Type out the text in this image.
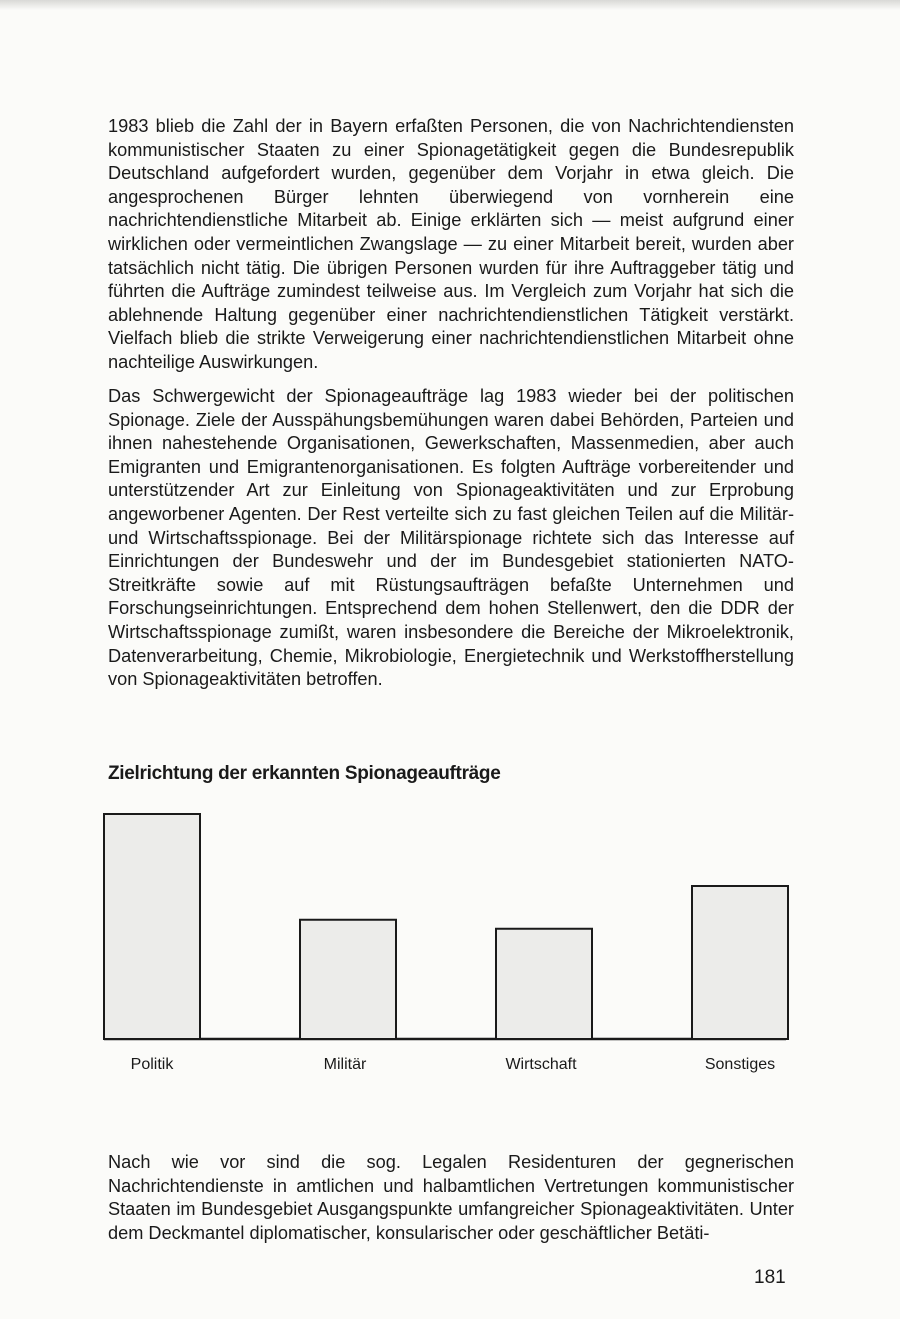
1983 blieb die Zahl der in Bayern erfaßten Personen, die von Nachrichtendiensten kommunistischer Staaten zu einer Spionagetätigkeit gegen die Bundesrepublik Deutschland aufgefordert wurden, gegenüber dem Vorjahr in etwa gleich. Die angesprochenen Bürger lehnten überwiegend von vornherein eine nachrichtendienstliche Mitarbeit ab. Einige erklärten sich — meist aufgrund einer wirklichen oder vermeintlichen Zwangslage — zu einer Mitarbeit bereit, wurden aber tatsächlich nicht tätig. Die übrigen Personen wurden für ihre Auftraggeber tätig und führten die Aufträge zumindest teilweise aus. Im Vergleich zum Vorjahr hat sich die ablehnende Haltung gegenüber einer nachrichtendienstlichen Tätigkeit verstärkt. Vielfach blieb die strikte Verweigerung einer nachrichtendienstlichen Mitarbeit ohne nachteilige Auswirkungen.

Das Schwergewicht der Spionageaufträge lag 1983 wieder bei der politischen Spionage. Ziele der Ausspähungsbemühungen waren dabei Behörden, Parteien und ihnen nahestehende Organisationen, Gewerkschaften, Massenmedien, aber auch Emigranten und Emigrantenorganisationen. Es folgten Aufträge vorbereitender und unterstützender Art zur Einleitung von Spionageaktivitäten und zur Erprobung angeworbener Agenten. Der Rest verteilte sich zu fast gleichen Teilen auf die Militär- und Wirtschaftsspionage. Bei der Militärspionage richtete sich das Interesse auf Einrichtungen der Bundeswehr und der im Bundesgebiet stationierten NATO-Streitkräfte sowie auf mit Rüstungsaufträgen befaßte Unternehmen und Forschungseinrichtungen. Entsprechend dem hohen Stellenwert, den die DDR der Wirtschaftsspionage zumißt, waren insbesondere die Bereiche der Mikroelektronik, Datenverarbeitung, Chemie, Mikrobiologie, Energietechnik und Werkstoffherstellung von Spionageaktivitäten betroffen.

Zielrichtung der erkannten Spionageaufträge
Politik	Militär	Wirtschaft	Sonstiges

Nach wie vor sind die sog. Legalen Residenturen der gegnerischen Nachrichtendienste in amtlichen und halbamtlichen Vertretungen kommunistischer Staaten im Bundesgebiet Ausgangspunkte umfangreicher Spionageaktivitäten. Unter dem Deckmantel diplomatischer, konsularischer oder geschäftlicher Betäti-

181
